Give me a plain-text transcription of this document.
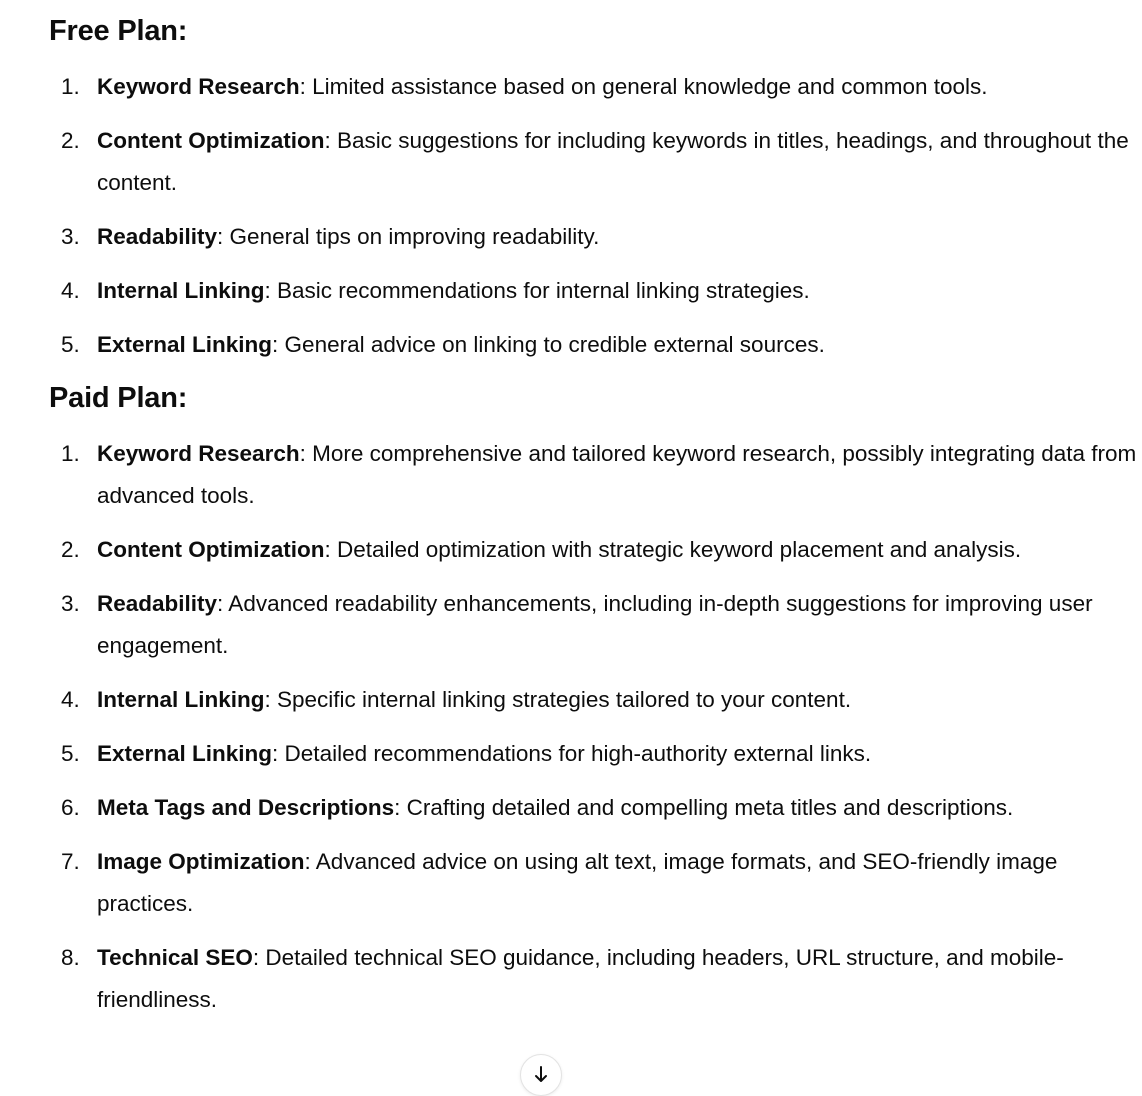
Free Plan:
1. Keyword Research: Limited assistance based on general knowledge and common tools.
2. Content Optimization: Basic suggestions for including keywords in titles, headings, and throughout the content.
3. Readability: General tips on improving readability.
4. Internal Linking: Basic recommendations for internal linking strategies.
5. External Linking: General advice on linking to credible external sources.
Paid Plan:
1. Keyword Research: More comprehensive and tailored keyword research, possibly integrating data from advanced tools.
2. Content Optimization: Detailed optimization with strategic keyword placement and analysis.
3. Readability: Advanced readability enhancements, including in-depth suggestions for improving user engagement.
4. Internal Linking: Specific internal linking strategies tailored to your content.
5. External Linking: Detailed recommendations for high-authority external links.
6. Meta Tags and Descriptions: Crafting detailed and compelling meta titles and descriptions.
7. Image Optimization: Advanced advice on using alt text, image formats, and SEO-friendly image practices.
8. Technical SEO: Detailed technical SEO guidance, including headers, URL structure, and mobile-friendliness.
